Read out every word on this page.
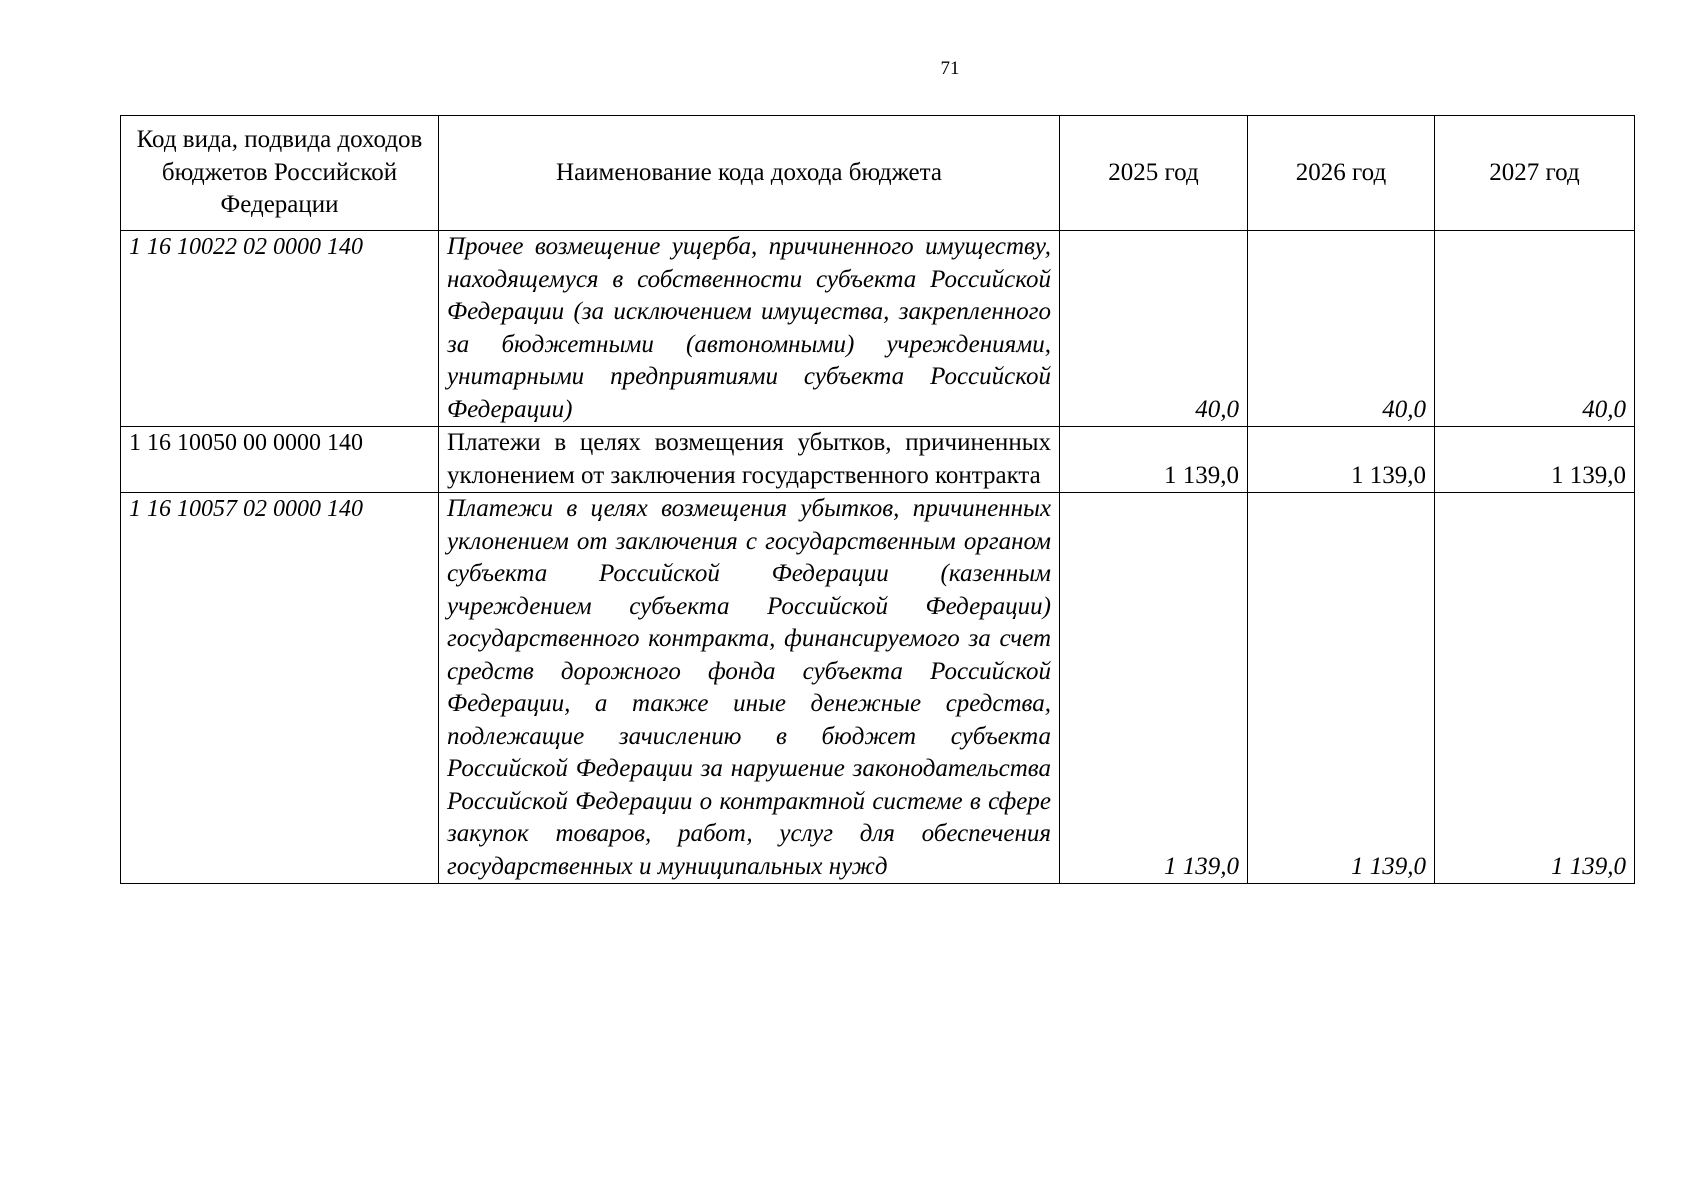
71
Код вида, подвида доходов бюджетов Российской Федерации	Наименование кода дохода бюджета	2025 год	2026 год	2027 год
1 16 10022 02 0000 140	Прочее возмещение ущерба, причиненного имуществу, находящемуся в собственности субъекта Российской Федерации (за исключением имущества, закрепленного за бюджетными (автономными) учреждениями, унитарными предприятиями субъекта Российской Федерации)	40,0	40,0	40,0
1 16 10050 00 0000 140	Платежи в целях возмещения убытков, причиненных уклонением от заключения государственного контракта	1 139,0	1 139,0	1 139,0
1 16 10057 02 0000 140	Платежи в целях возмещения убытков, причиненных уклонением от заключения с государственным органом субъекта Российской Федерации (казенным учреждением субъекта Российской Федерации) государственного контракта, финансируемого за счет средств дорожного фонда субъекта Российской Федерации, а также иные денежные средства, подлежащие зачислению в бюджет субъекта Российской Федерации за нарушение законодательства Российской Федерации о контрактной системе в сфере закупок товаров, работ, услуг для обеспечения государственных и муниципальных нужд	1 139,0	1 139,0	1 139,0
